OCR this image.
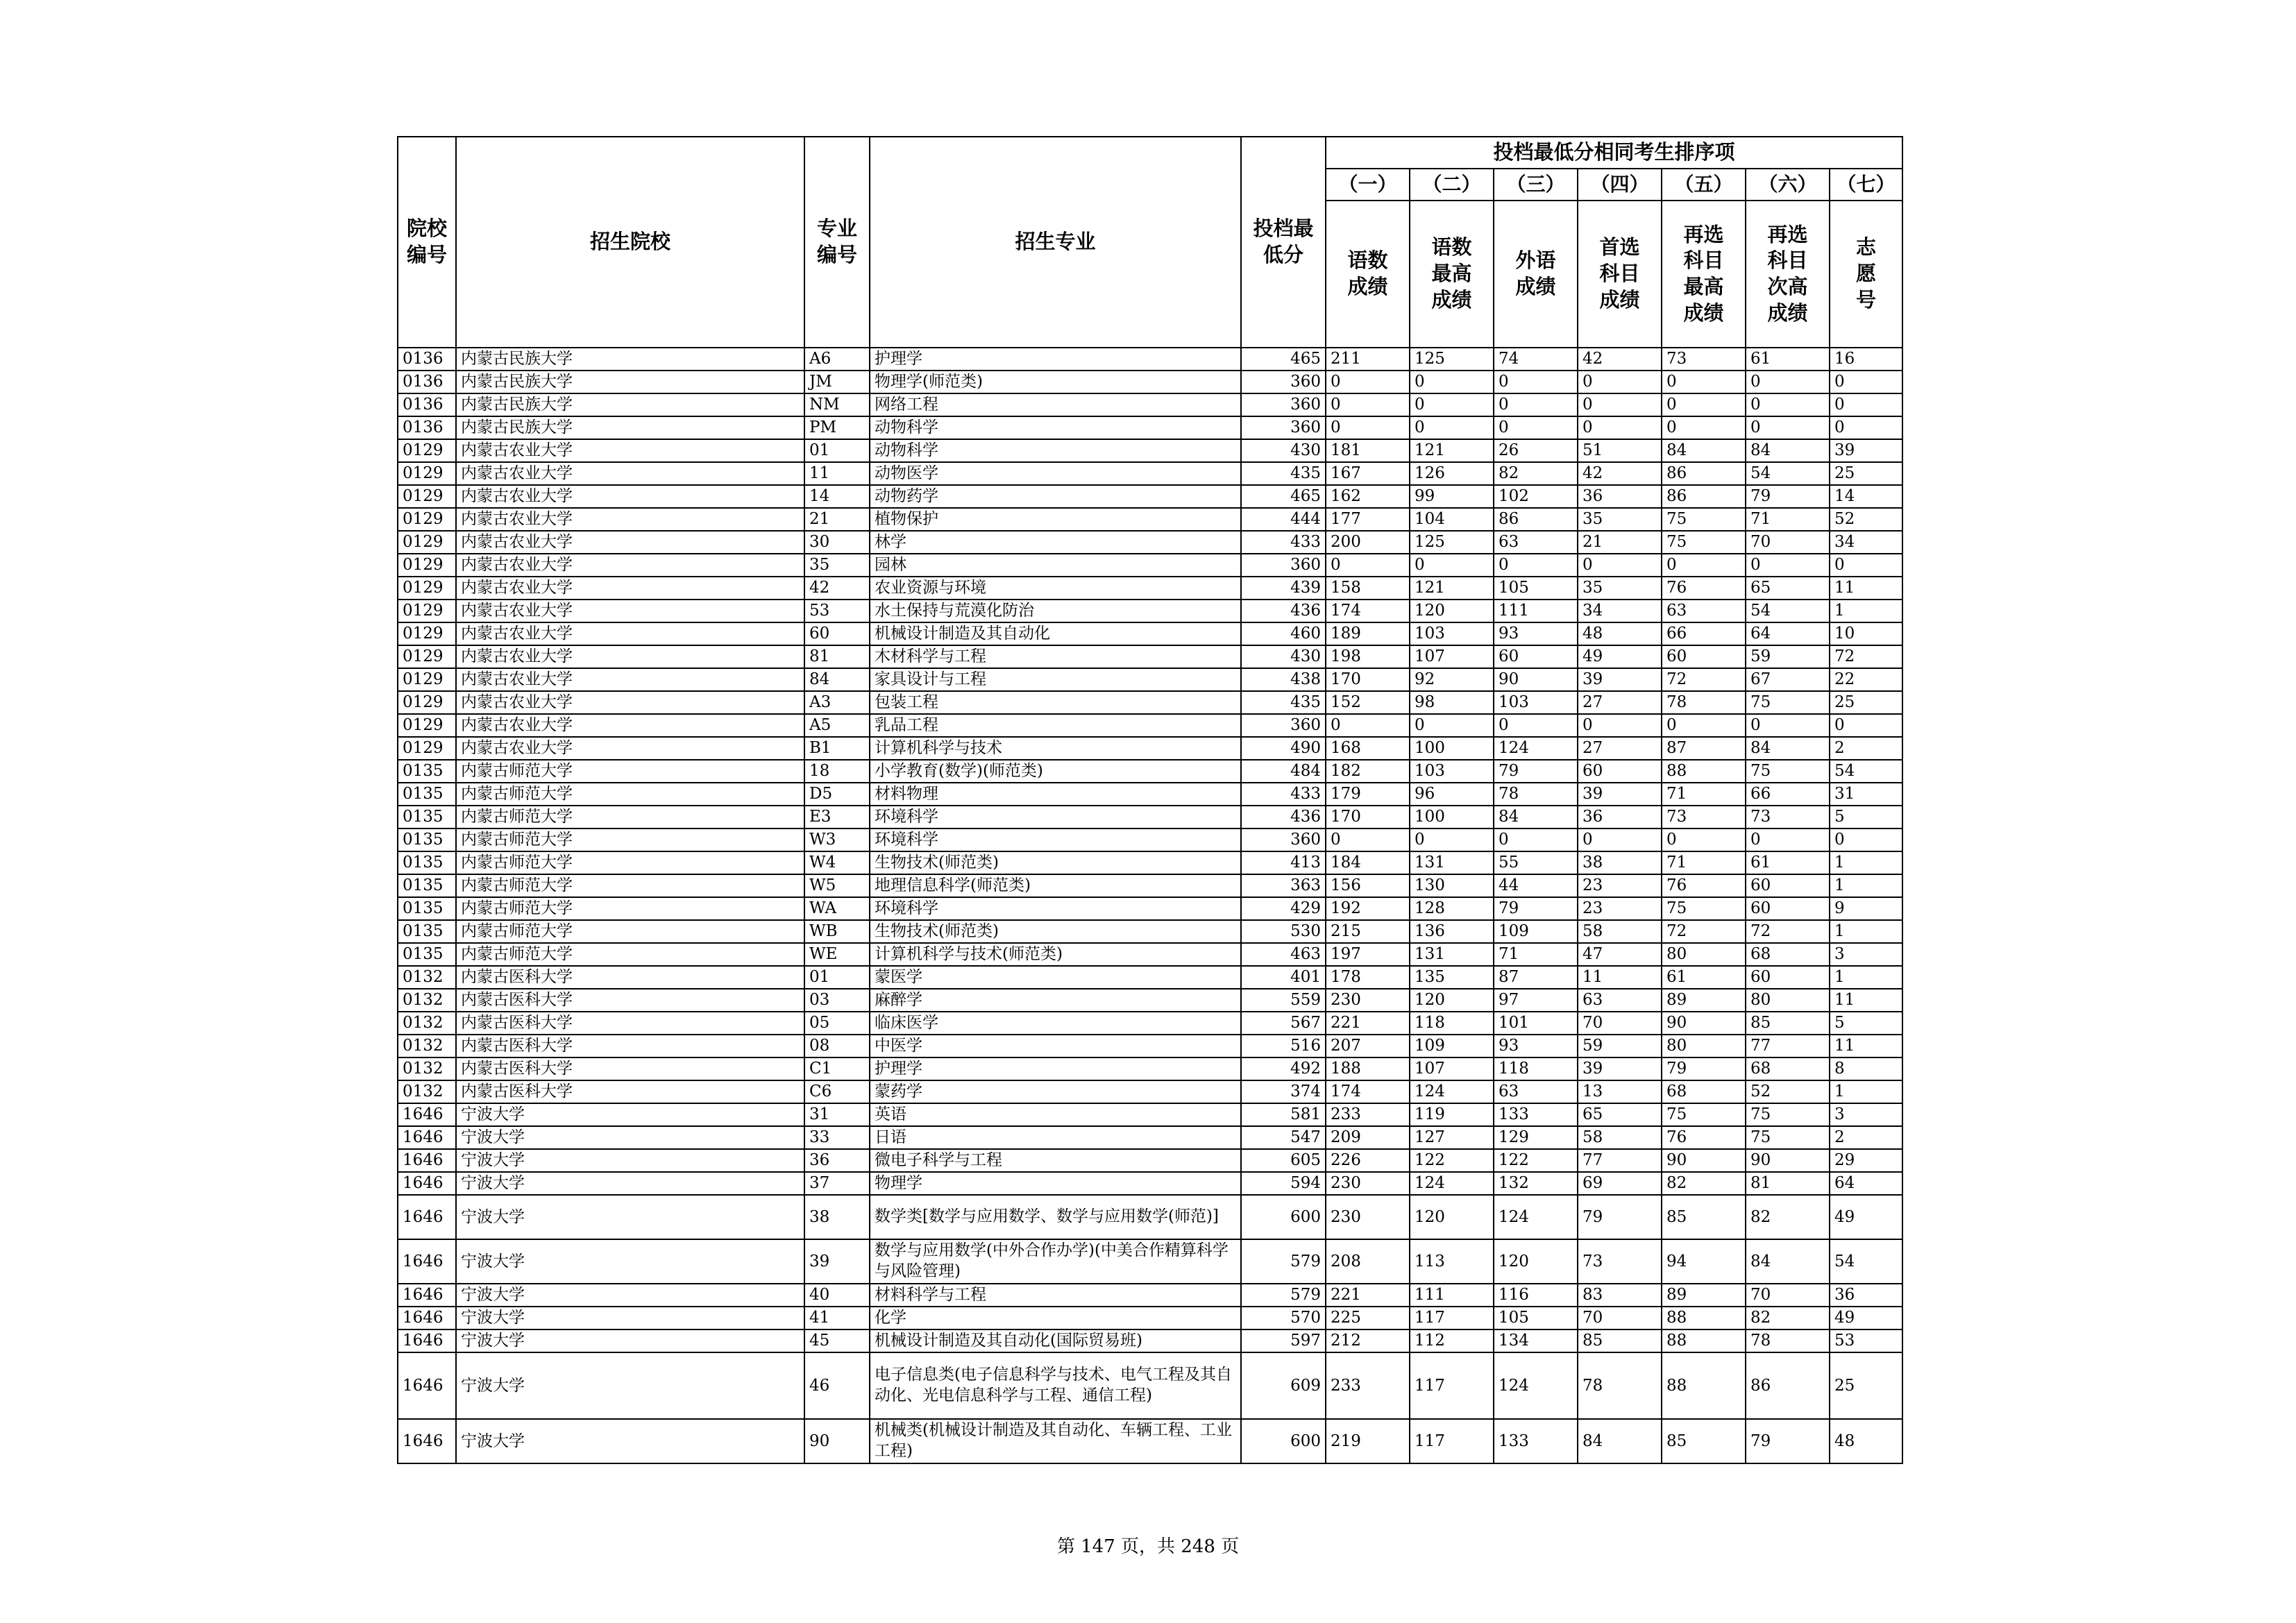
院校编号	招生院校	专业编号	招生专业	投档最低分	投档最低分相同考生排序项						
					（一）	（二）	（三）	（四）	（五）	（六）	（七）
					语数成绩	语数最高成绩	外语成绩	首选科目成绩	再选科目最高成绩	再选科目次高成绩	志愿号
0136	内蒙古民族大学	A6	护理学	465	211	125	74	42	73	61	16
0136	内蒙古民族大学	JM	物理学(师范类)	360	0	0	0	0	0	0	0
0136	内蒙古民族大学	NM	网络工程	360	0	0	0	0	0	0	0
0136	内蒙古民族大学	PM	动物科学	360	0	0	0	0	0	0	0
0129	内蒙古农业大学	01	动物科学	430	181	121	26	51	84	84	39
0129	内蒙古农业大学	11	动物医学	435	167	126	82	42	86	54	25
0129	内蒙古农业大学	14	动物药学	465	162	99	102	36	86	79	14
0129	内蒙古农业大学	21	植物保护	444	177	104	86	35	75	71	52
0129	内蒙古农业大学	30	林学	433	200	125	63	21	75	70	34
0129	内蒙古农业大学	35	园林	360	0	0	0	0	0	0	0
0129	内蒙古农业大学	42	农业资源与环境	439	158	121	105	35	76	65	11
0129	内蒙古农业大学	53	水土保持与荒漠化防治	436	174	120	111	34	63	54	1
0129	内蒙古农业大学	60	机械设计制造及其自动化	460	189	103	93	48	66	64	10
0129	内蒙古农业大学	81	木材科学与工程	430	198	107	60	49	60	59	72
0129	内蒙古农业大学	84	家具设计与工程	438	170	92	90	39	72	67	22
0129	内蒙古农业大学	A3	包装工程	435	152	98	103	27	78	75	25
0129	内蒙古农业大学	A5	乳品工程	360	0	0	0	0	0	0	0
0129	内蒙古农业大学	B1	计算机科学与技术	490	168	100	124	27	87	84	2
0135	内蒙古师范大学	18	小学教育(数学)(师范类)	484	182	103	79	60	88	75	54
0135	内蒙古师范大学	D5	材料物理	433	179	96	78	39	71	66	31
0135	内蒙古师范大学	E3	环境科学	436	170	100	84	36	73	73	5
0135	内蒙古师范大学	W3	环境科学	360	0	0	0	0	0	0	0
0135	内蒙古师范大学	W4	生物技术(师范类)	413	184	131	55	38	71	61	1
0135	内蒙古师范大学	W5	地理信息科学(师范类)	363	156	130	44	23	76	60	1
0135	内蒙古师范大学	WA	环境科学	429	192	128	79	23	75	60	9
0135	内蒙古师范大学	WB	生物技术(师范类)	530	215	136	109	58	72	72	1
0135	内蒙古师范大学	WE	计算机科学与技术(师范类)	463	197	131	71	47	80	68	3
0132	内蒙古医科大学	01	蒙医学	401	178	135	87	11	61	60	1
0132	内蒙古医科大学	03	麻醉学	559	230	120	97	63	89	80	11
0132	内蒙古医科大学	05	临床医学	567	221	118	101	70	90	85	5
0132	内蒙古医科大学	08	中医学	516	207	109	93	59	80	77	11
0132	内蒙古医科大学	C1	护理学	492	188	107	118	39	79	68	8
0132	内蒙古医科大学	C6	蒙药学	374	174	124	63	13	68	52	1
1646	宁波大学	31	英语	581	233	119	133	65	75	75	3
1646	宁波大学	33	日语	547	209	127	129	58	76	75	2
1646	宁波大学	36	微电子科学与工程	605	226	122	122	77	90	90	29
1646	宁波大学	37	物理学	594	230	124	132	69	82	81	64
1646	宁波大学	38	数学类[数学与应用数学、数学与应用数学(师范)]	600	230	120	124	79	85	82	49
1646	宁波大学	39	数学与应用数学(中外合作办学)(中美合作精算科学与风险管理)	579	208	113	120	73	94	84	54
1646	宁波大学	40	材料科学与工程	579	221	111	116	83	89	70	36
1646	宁波大学	41	化学	570	225	117	105	70	88	82	49
1646	宁波大学	45	机械设计制造及其自动化(国际贸易班)	597	212	112	134	85	88	78	53
1646	宁波大学	46	电子信息类(电子信息科学与技术、电气工程及其自动化、光电信息科学与工程、通信工程)	609	233	117	124	78	88	86	25
1646	宁波大学	90	机械类(机械设计制造及其自动化、车辆工程、工业工程)	600	219	117	133	84	85	79	48
第 147 页，共 248 页
